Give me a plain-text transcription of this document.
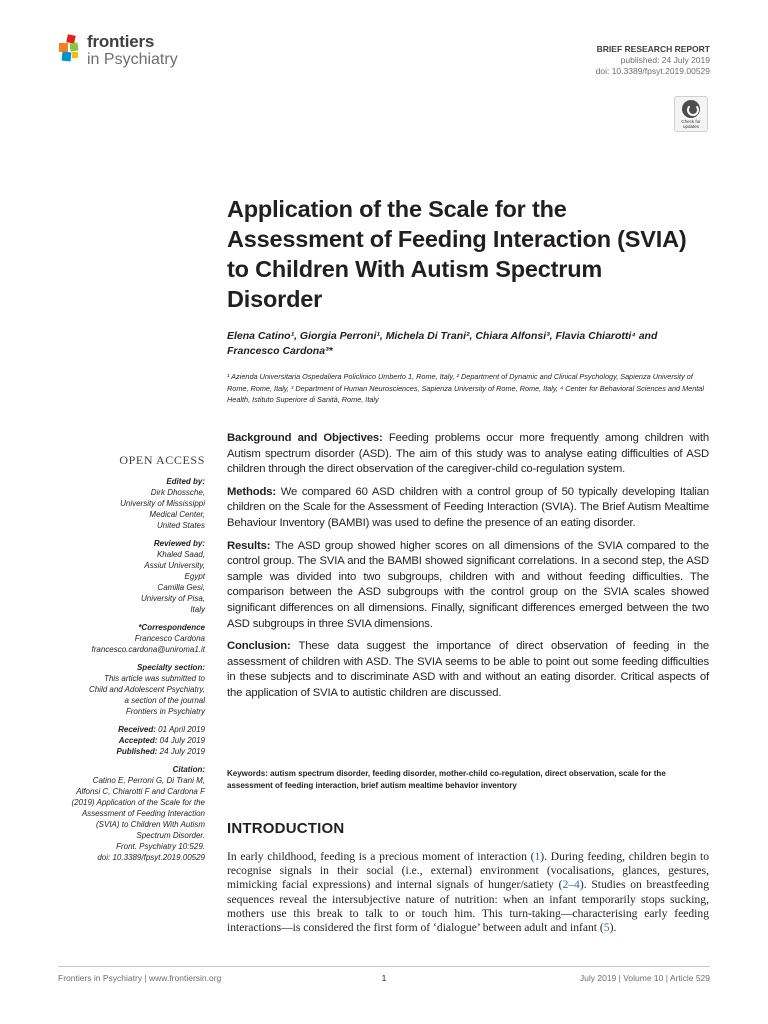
frontiers
in Psychiatry
BRIEF RESEARCH REPORT
published: 24 July 2019
doi: 10.3389/fpsyt.2019.00529
Check for
updates
Application of the Scale for the Assessment of Feeding Interaction (SVIA) to Children With Autism Spectrum Disorder
Elena Catino¹, Giorgia Perroni¹, Michela Di Trani², Chiara Alfonsi³, Flavia Chiarotti⁴ and Francesco Cardona³*
¹ Azienda Universitaria Ospedaliera Policlinico Umberto 1, Rome, Italy, ² Department of Dynamic and Clinical Psychology, Sapienza University of Rome, Rome, Italy, ³ Department of Human Neurosciences, Sapienza University of Rome, Rome, Italy, ⁴ Center for Behavioral Sciences and Mental Health, Istituto Superiore di Sanità, Rome, Italy
OPEN ACCESS
Edited by:
Dirk Dhossche,
University of Mississippi
Medical Center,
United States
Reviewed by:
Khaled Saad,
Assiut University,
Egypt
Camilla Gesi,
University of Pisa,
Italy
*Correspondence
Francesco Cardona
francesco.cardona@uniroma1.it
Specialty section:
This article was submitted to
Child and Adolescent Psychiatry,
a section of the journal
Frontiers in Psychiatry
Received: 01 April 2019
Accepted: 04 July 2019
Published: 24 July 2019
Citation:
Catino E, Perroni G, Di Trani M,
Alfonsi C, Chiarotti F and Cardona F
(2019) Application of the Scale for the
Assessment of Feeding Interaction
(SVIA) to Children With Autism
Spectrum Disorder.
Front. Psychiatry 10:529.
doi: 10.3389/fpsyt.2019.00529

Background and Objectives: Feeding problems occur more frequently among children with Autism spectrum disorder (ASD). The aim of this study was to analyse eating difficulties of ASD children through the direct observation of the caregiver-child co-regulation system.

Methods: We compared 60 ASD children with a control group of 50 typically developing Italian children on the Scale for the Assessment of Feeding Interaction (SVIA). The Brief Autism Mealtime Behaviour Inventory (BAMBI) was used to define the presence of an eating disorder.

Results: The ASD group showed higher scores on all dimensions of the SVIA compared to the control group. The SVIA and the BAMBI showed significant correlations. In a second step, the ASD sample was divided into two subgroups, children with and without feeding difficulties. The comparison between the ASD subgroups with the control group on the SVIA scales showed significant differences on all dimensions. Finally, significant differences emerged between the two ASD subgroups in three SVIA dimensions.

Conclusion: These data suggest the importance of direct observation of feeding in the assessment of children with ASD. The SVIA seems to be able to point out some feeding difficulties in these subjects and to discriminate ASD with and without an eating disorder. Critical aspects of the application of SVIA to autistic children are discussed.

Keywords: autism spectrum disorder, feeding disorder, mother-child co-regulation, direct observation, scale for the assessment of feeding interaction, brief autism mealtime behavior inventory
INTRODUCTION

In early childhood, feeding is a precious moment of interaction (1). During feeding, children begin to recognise signals in their social (i.e., external) environment (vocalisations, glances, gestures, mimicking facial expressions) and internal signals of hunger/satiety (2–4). Studies on breastfeeding sequences reveal the intersubjective nature of nutrition: when an infant temporarily stops sucking, mothers use this break to talk to or touch him. This turn-taking—characterising early feeding interactions—is considered the first form of ‘dialogue’ between adult and infant (5).

Frontiers in Psychiatry | www.frontiersin.org	1	July 2019 | Volume 10 | Article 529
